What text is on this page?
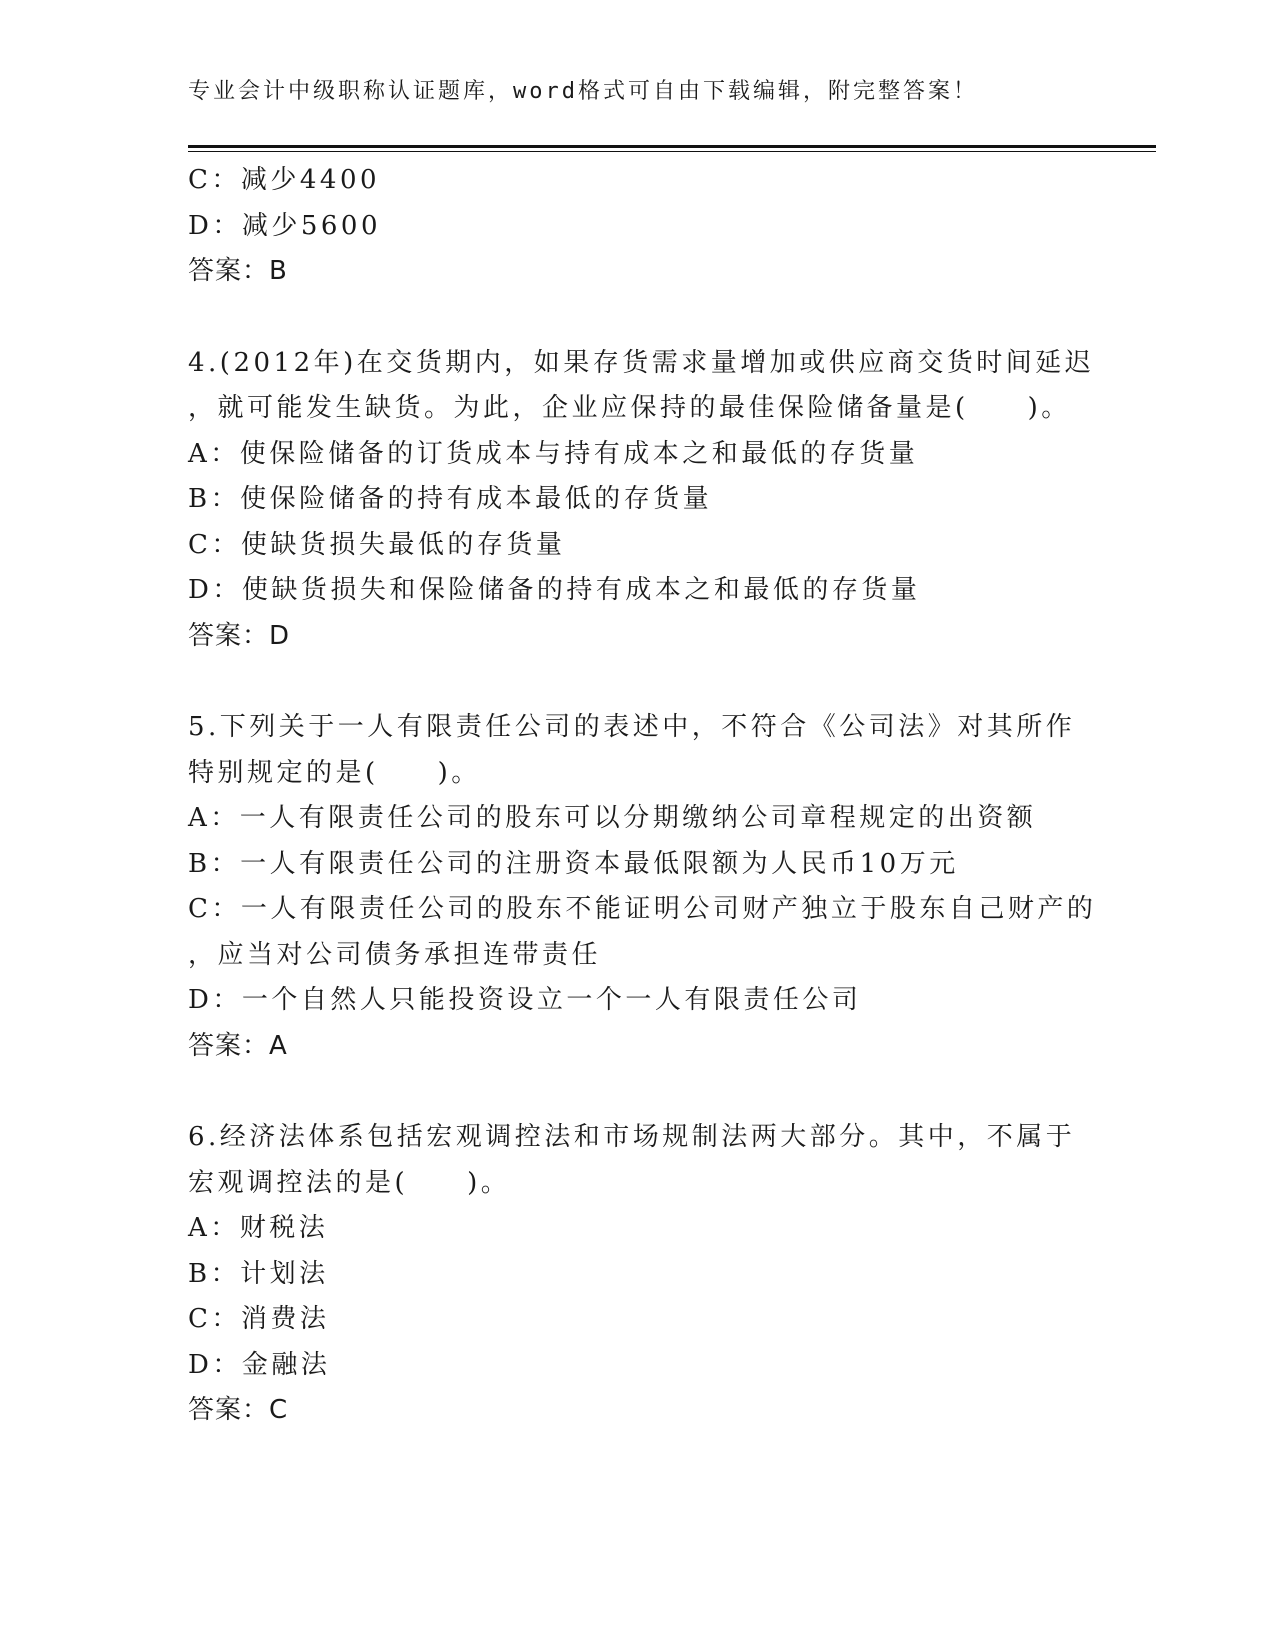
专业会计中级职称认证题库，word格式可自由下载编辑，附完整答案！
C：减少4400
D：减少5600
答案：B
4.(2012年)在交货期内，如果存货需求量增加或供应商交货时间延迟
，就可能发生缺货。为此，企业应保持的最佳保险储备量是(　　)。
A：使保险储备的订货成本与持有成本之和最低的存货量
B：使保险储备的持有成本最低的存货量
C：使缺货损失最低的存货量
D：使缺货损失和保险储备的持有成本之和最低的存货量
答案：D
5.下列关于一人有限责任公司的表述中，不符合《公司法》对其所作
特别规定的是(　　)。
A：一人有限责任公司的股东可以分期缴纳公司章程规定的出资额
B：一人有限责任公司的注册资本最低限额为人民币10万元
C：一人有限责任公司的股东不能证明公司财产独立于股东自己财产的
，应当对公司债务承担连带责任
D：一个自然人只能投资设立一个一人有限责任公司
答案：A
6.经济法体系包括宏观调控法和市场规制法两大部分。其中，不属于
宏观调控法的是(　　)。
A：财税法
B：计划法
C：消费法
D：金融法
答案：C
